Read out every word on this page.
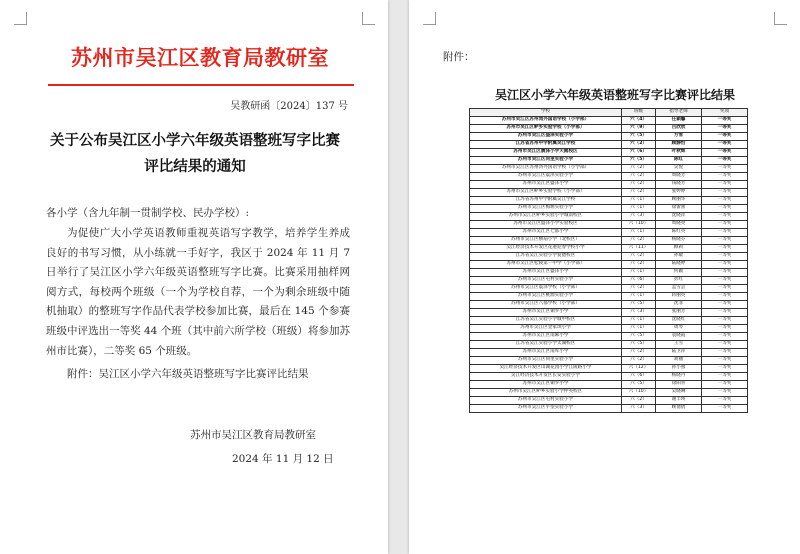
苏州市吴江区教育局教研室
吴教研函〔2024〕137 号
关于公布吴江区小学六年级英语整班写字比赛
评比结果的通知
各小学（含九年制一贯制学校、民办学校）:
为促使广大小学英语教师重视英语写字教学，培养学生养成良好的书写习惯，从小练就一手好字，我区于 2024 年 11 月 7 日举行了吴江区小学六年级英语整班写字比赛。比赛采用抽样网阅方式，每校两个班级（一个为学校自荐，一个为剩余班级中随机抽取）的整班写字作品代表学校参加比赛，最后在 145 个参赛班级中评选出一等奖 44 个班（其中前六所学校（班级）将参加苏州市比赛），二等奖 65 个班级。
附件：吴江区小学六年级英语整班写字比赛评比结果
苏州市吴江区教育局教研室
2024 年 11 月 12 日
附件：
吴江区小学六年级英语整班写字比赛评比结果
学校	班级	指导老师	奖项
苏州市吴江区苏州湾外国语学校（小学部）	六（4）	任颖馨	一等奖
苏州市吴江区鲈乡实验学校（小学部）	六（9）	吕欣欣	一等奖
苏州市吴江区盛泽实验小学	六（5）	方雪	一等奖
江苏省苏州中学附属吴江学校	六（2）	顾静怡	一等奖
苏州市吴江区震泽小学天鹅校区	六（6）	叶秋辉	一等奖
苏州市吴江区同里实验小学	六（5）	陈红	一等奖
苏州市吴江区苏州湾外国语学校（小学部）	六（2）	吴悦	一等奖
苏州市吴江区震泽实验小学	六（2）	周晓芳	一等奖
苏州市吴江区盛泽小学	六（2）	钱晓芳	一等奖
苏州市吴江区鲈乡实验学校（小学部）	六（2）	张婷婷	一等奖
江苏省苏州中学附属吴江学校	六（1）	顾丽华	一等奖
苏州市吴江区梅堰实验小学	六（1）	徐蕾蕾	一等奖
苏州市吴江区鲈乡实验小学城南校区	六（3）	沈晓萍	一等奖
苏州市吴江区盛泽小学实验校区	六（10）	周晓亮	一等奖
苏州市吴江区七都小学	六（1）	陈红英	一等奖
苏州市吴江区横扇小学（北校区）	六（2）	杨晓芬	一等奖
吴江经济技术开发区花港迎春学校小学	六（11）	顾莉	一等奖
江苏省吴江实验小学爱德校区	六（2）	孙敏	一等奖
苏州市吴江区松陵第一中学（小学部）	六（2）	陆晓婷	一等奖
苏州市吴江区盛泽小学	六（1）	何颖	一等奖
苏州市吴江区屯村实验小学	六（6）	彭红	一等奖
苏州市吴江区震泽学校（小学部）	六（2）	孟雪芸	一等奖
苏州市吴江区桃源实验小学	六（1）	蒋丽英	一等奖
苏州市吴江区八都学校（小学部）	六（5）	沈菲	一等奖
苏州市吴江区铜罗小学	六（3）	张丽芳	一等奖
江苏省吴江实验小学城中校区	六（1）	沈晓红	一等奖
苏州市吴江区金家坝小学	六（1）	周琴	一等奖
苏州市吴江区南麻小学	六（5）	袁晓霞	一等奖
江苏省吴江实验小学太湖校区	六（5）	王雪	一等奖
苏州市吴江区南厍小学	六（2）	陆卫萍	一等奖
苏州市吴江区同里实验小学	六（2）	胡丽	一等奖
吴江经济技术开发区山湖花园小学江陵路小学	六（12）	孙小燕	一等奖
吴江经济技术开发区长安实验小学	六（6）	杨晓丹	一等奖
苏州市吴江区铜罗小学	六（5）	徐阳青	一等奖
苏州市吴江区鲈乡实验小学仲英校区	六（10）	吴晓琳	一等奖
苏州市吴江区屯村实验小学	六（2）	谢丰瑛	一等奖
苏州市吴江区平望实验小学	六（3）	顾倩倩	一等奖
